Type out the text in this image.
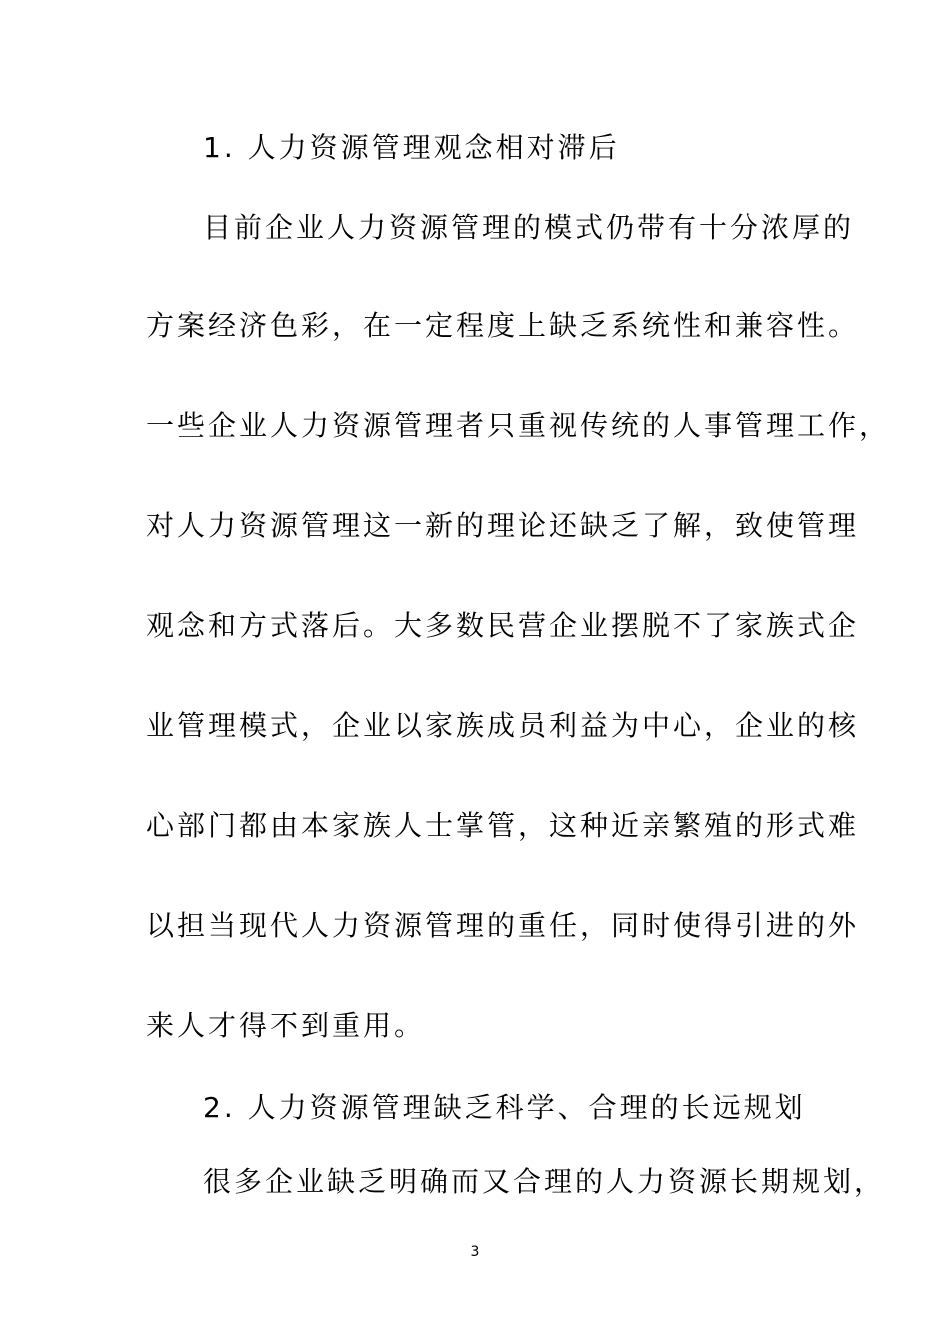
1. 人力资源管理观念相对滞后
目前企业人力资源管理的模式仍带有十分浓厚的
方案经济色彩，在一定程度上缺乏系统性和兼容性。
一些企业人力资源管理者只重视传统的人事管理工作，
对人力资源管理这一新的理论还缺乏了解，致使管理
观念和方式落后。大多数民营企业摆脱不了家族式企
业管理模式，企业以家族成员利益为中心，企业的核
心部门都由本家族人士掌管，这种近亲繁殖的形式难
以担当现代人力资源管理的重任，同时使得引进的外
来人才得不到重用。
2. 人力资源管理缺乏科学、合理的长远规划
很多企业缺乏明确而又合理的人力资源长期规划，
3
